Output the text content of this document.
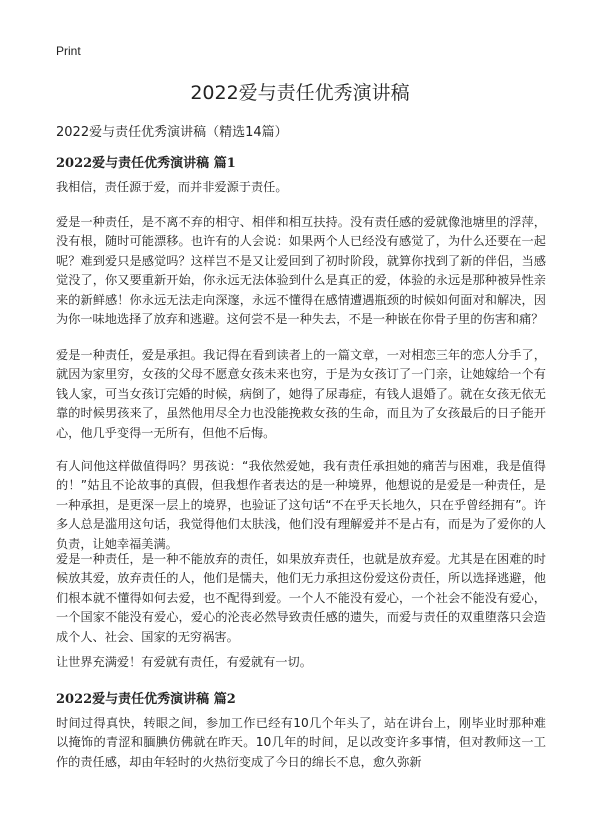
Print
2022爱与责任优秀演讲稿

2022爱与责任优秀演讲稿（精选14篇）

2022爱与责任优秀演讲稿 篇1

我相信，责任源于爱，而并非爱源于责任。

爱是一种责任，是不离不弃的相守、相伴和相互扶持。没有责任感的爱就像池塘里的浮萍，没有根，随时可能漂移。也许有的人会说：如果两个人已经没有感觉了，为什么还要在一起呢？难到爱只是感觉吗？这样岂不是又让爱回到了初时阶段，就算你找到了新的伴侣，当感觉没了，你又要重新开始，你永远无法体验到什么是真正的爱，体验的永远是那种被异性亲来的新鲜感！你永远无法走向深邃，永远不懂得在感情遭遇瓶颈的时候如何面对和解决，因为你一味地选择了放弃和逃避。这何尝不是一种失去，不是一种嵌在你骨子里的伤害和痛？

爱是一种责任，爱是承担。我记得在看到读者上的一篇文章，一对相恋三年的恋人分手了，就因为家里穷，女孩的父母不愿意女孩未来也穷，于是为女孩订了一门亲，让她嫁给一个有钱人家，可当女孩订完婚的时候，病倒了，她得了尿毒症，有钱人退婚了。就在女孩无依无靠的时候男孩来了，虽然他用尽全力也没能挽救女孩的生命，而且为了女孩最后的日子能开心，他几乎变得一无所有，但他不后悔。

有人问他这样做值得吗？男孩说：“我依然爱她，我有责任承担她的痛苦与困难，我是值得的！”姑且不论故事的真假，但我想作者表达的是一种境界，他想说的是爱是一种责任，是一种承担，是更深一层上的境界，也验证了这句话“不在乎天长地久，只在乎曾经拥有”。许多人总是滥用这句话，我觉得他们太肤浅，他们没有理解爱并不是占有，而是为了爱你的人负责，让她幸福美满。

爱是一种责任，是一种不能放弃的责任，如果放弃责任，也就是放弃爱。尤其是在困难的时候放其爱，放弃责任的人，他们是懦夫，他们无力承担这份爱这份责任，所以选择逃避，他们根本就不懂得如何去爱，也不配得到爱。一个人不能没有爱心，一个社会不能没有爱心，一个国家不能没有爱心，爱心的沦丧必然导致责任感的遗失，而爱与责任的双重堕落只会造成个人、社会、国家的无穷祸害。

让世界充满爱！有爱就有责任，有爱就有一切。

2022爱与责任优秀演讲稿 篇2

时间过得真快，转眼之间，参加工作已经有10几个年头了，站在讲台上，刚毕业时那种难以掩饰的青涩和腼腆仿佛就在昨天。10几年的时间，足以改变许多事情，但对教师这一工作的责任感，却由年轻时的火热衍变成了今日的绵长不息，愈久弥新
